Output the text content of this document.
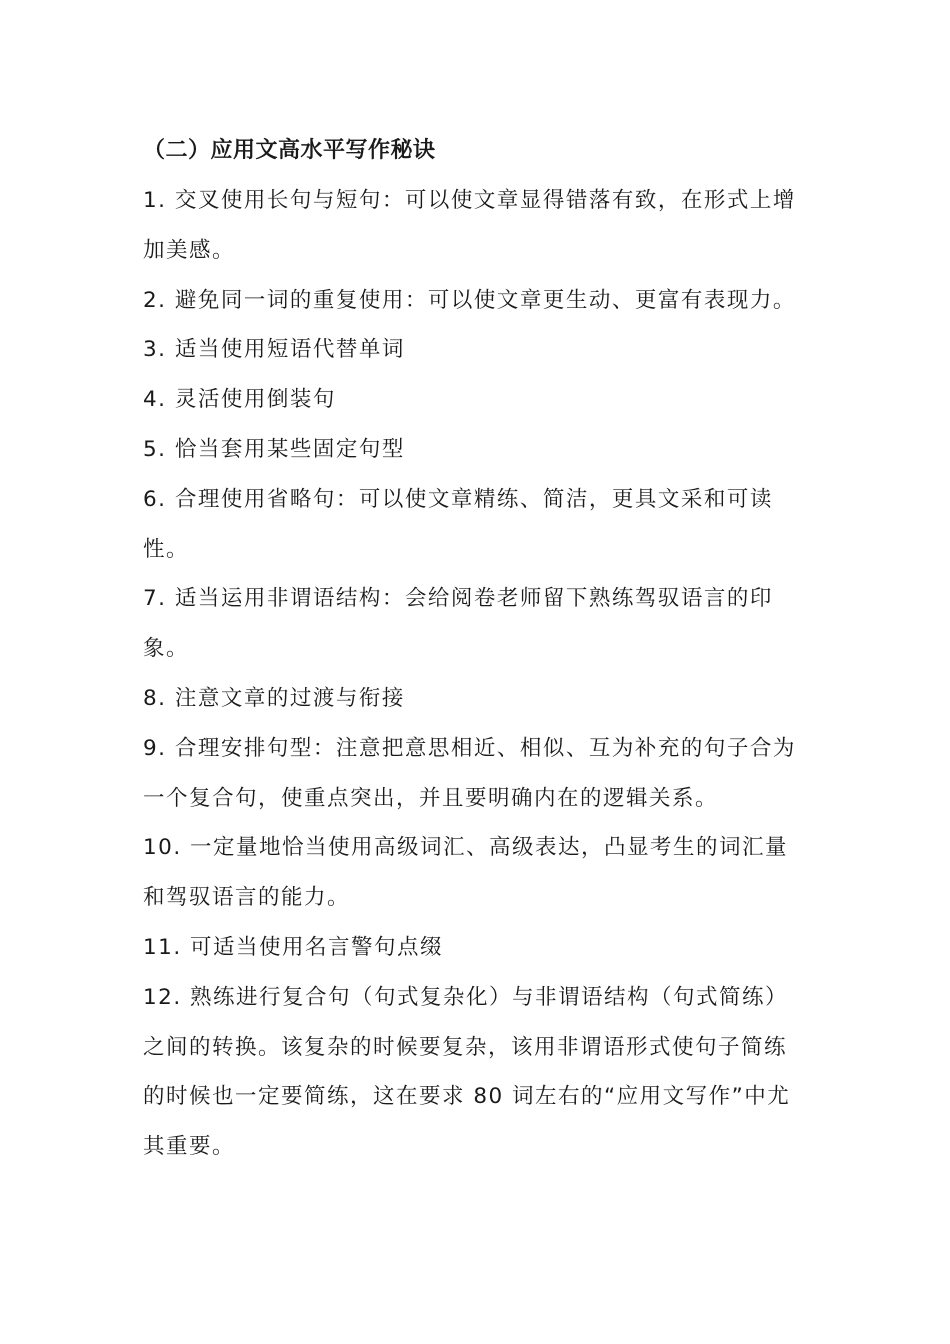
（二）应用文高水平写作秘诀

1. 交叉使用长句与短句：可以使文章显得错落有致，在形式上增加美感。

2. 避免同一词的重复使用：可以使文章更生动、更富有表现力。

3. 适当使用短语代替单词

4. 灵活使用倒装句

5. 恰当套用某些固定句型

6. 合理使用省略句：可以使文章精练、简洁，更具文采和可读性。

7. 适当运用非谓语结构：会给阅卷老师留下熟练驾驭语言的印象。

8. 注意文章的过渡与衔接

9. 合理安排句型：注意把意思相近、相似、互为补充的句子合为一个复合句，使重点突出，并且要明确内在的逻辑关系。

10. 一定量地恰当使用高级词汇、高级表达，凸显考生的词汇量和驾驭语言的能力。

11. 可适当使用名言警句点缀

12. 熟练进行复合句（句式复杂化）与非谓语结构（句式简练）之间的转换。该复杂的时候要复杂，该用非谓语形式使句子简练的时候也一定要简练，这在要求 80 词左右的“应用文写作”中尤其重要。
